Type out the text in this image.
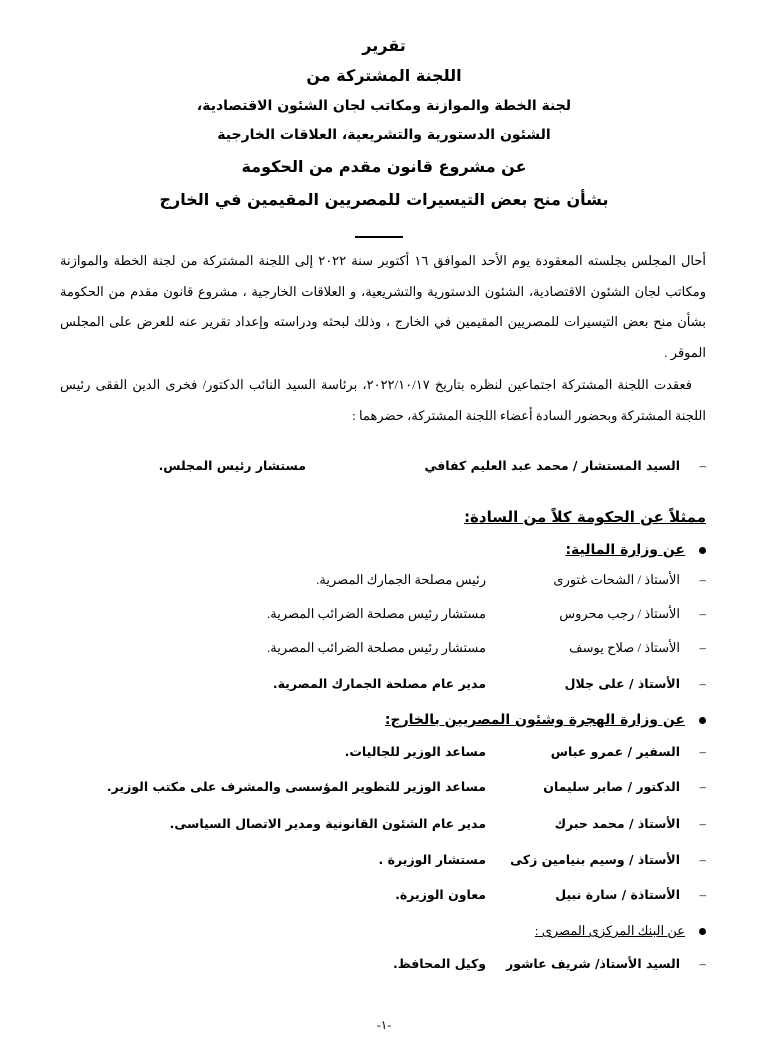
تقرير
اللجنة المشتركة من
لجنة الخطة والموازنة ومكاتب لجان الشئون الاقتصادية،
الشئون الدستورية والتشريعية، العلاقات الخارجية
عن مشروع قانون مقدم من الحكومة
بشأن منح بعض التيسيرات للمصريين المقيمين في الخارج
أحال المجلس بجلسته المعقودة يوم الأحد الموافق ١٦ أكتوبر سنة ٢٠٢٢ إلى اللجنة المشتركة من لجنة الخطة والموازنة ومكاتب لجان الشئون الاقتصادية، الشئون الدستورية والتشريعية، و العلاقات الخارجية ، مشروع قانون مقدم من الحكومة بشأن منح بعض التيسيرات للمصريين المقيمين في الخارج ، وذلك لبحثه ودراسته وإعداد تقرير عنه للعرض على المجلس الموقر .
فعقدت اللجنة المشتركة اجتماعين لنظره بتاريخ ٢٠٢٢/١٠/١٧، برئاسة السيد النائب الدكتور/ فخرى الدين الفقى رئيس اللجنة المشتركة وبحضور السادة أعضاء اللجنة المشتركة، حضرهما :
–
السيد المستشار / محمد عبد العليم كفافي
مستشار رئيس المجلس.
ممثلاً عن الحكومة كلاً من السادة:
عن وزارة المالية:
–
الأستاذ / الشحات غتورى
رئيس مصلحة الجمارك المصرية.
–
الأستاذ / رجب محروس
مستشار رئيس مصلحة الضرائب المصرية.
–
الأستاذ / صلاح يوسف
مستشار رئيس مصلحة الضرائب المصرية.
–
الأستاذ / على جلال
مدير عام مصلحة الجمارك المصرية.
عن وزارة الهجرة وشئون المصريين بالخارج:
–
السفير / عمرو عباس
مساعد الوزير للجاليات.
–
الدكتور / صابر سليمان
مساعد الوزير للتطوير المؤسسى والمشرف على مكتب الوزير.
–
الأستاذ / محمد حبرك
مدير عام الشئون القانونية ومدير الاتصال السياسى.
–
الأستاذ / وسيم بنيامين زكى
مستشار الوزيرة .
–
الأستاذة / سارة نبيل
معاون الوزيرة.
عن البنك المركزى المصرى :
–
السيد الأستاذ/ شريف عاشور
وكيل المحافظ.
-١-
